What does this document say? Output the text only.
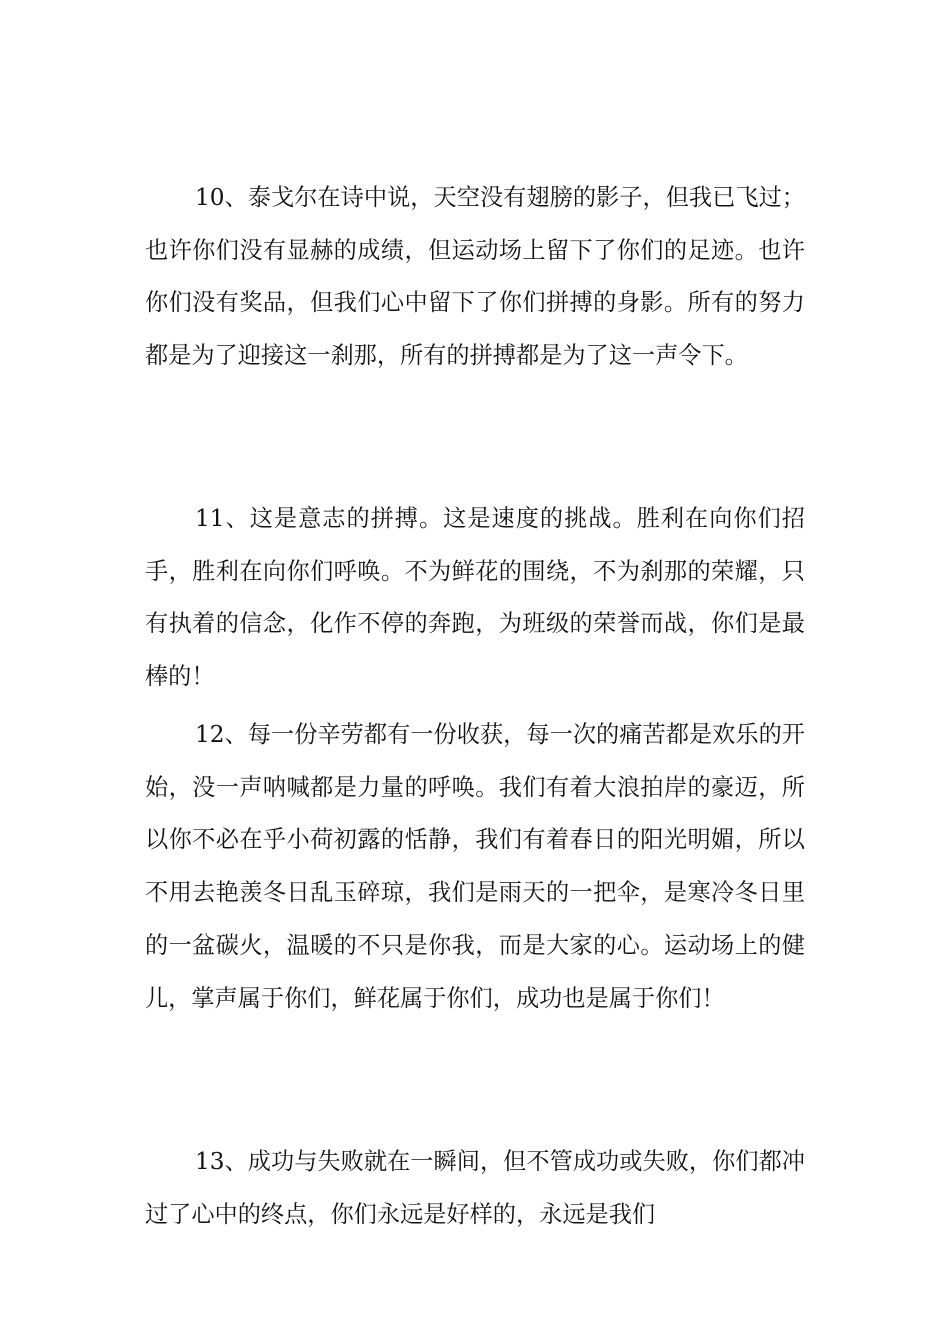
10、泰戈尔在诗中说，天空没有翅膀的影子，但我已飞过；也许你们没有显赫的成绩，但运动场上留下了你们的足迹。也许你们没有奖品，但我们心中留下了你们拼搏的身影。所有的努力都是为了迎接这一刹那，所有的拼搏都是为了这一声令下。

11、这是意志的拼搏。这是速度的挑战。胜利在向你们招手，胜利在向你们呼唤。不为鲜花的围绕，不为刹那的荣耀，只有执着的信念，化作不停的奔跑，为班级的荣誉而战，你们是最棒的！

12、每一份辛劳都有一份收获，每一次的痛苦都是欢乐的开始，没一声呐喊都是力量的呼唤。我们有着大浪拍岸的豪迈，所以你不必在乎小荷初露的恬静，我们有着春日的阳光明媚，所以不用去艳羡冬日乱玉碎琼，我们是雨天的一把伞，是寒冷冬日里的一盆碳火，温暖的不只是你我，而是大家的心。运动场上的健儿，掌声属于你们，鲜花属于你们，成功也是属于你们！

13、成功与失败就在一瞬间，但不管成功或失败，你们都冲过了心中的终点，你们永远是好样的，永远是我们
